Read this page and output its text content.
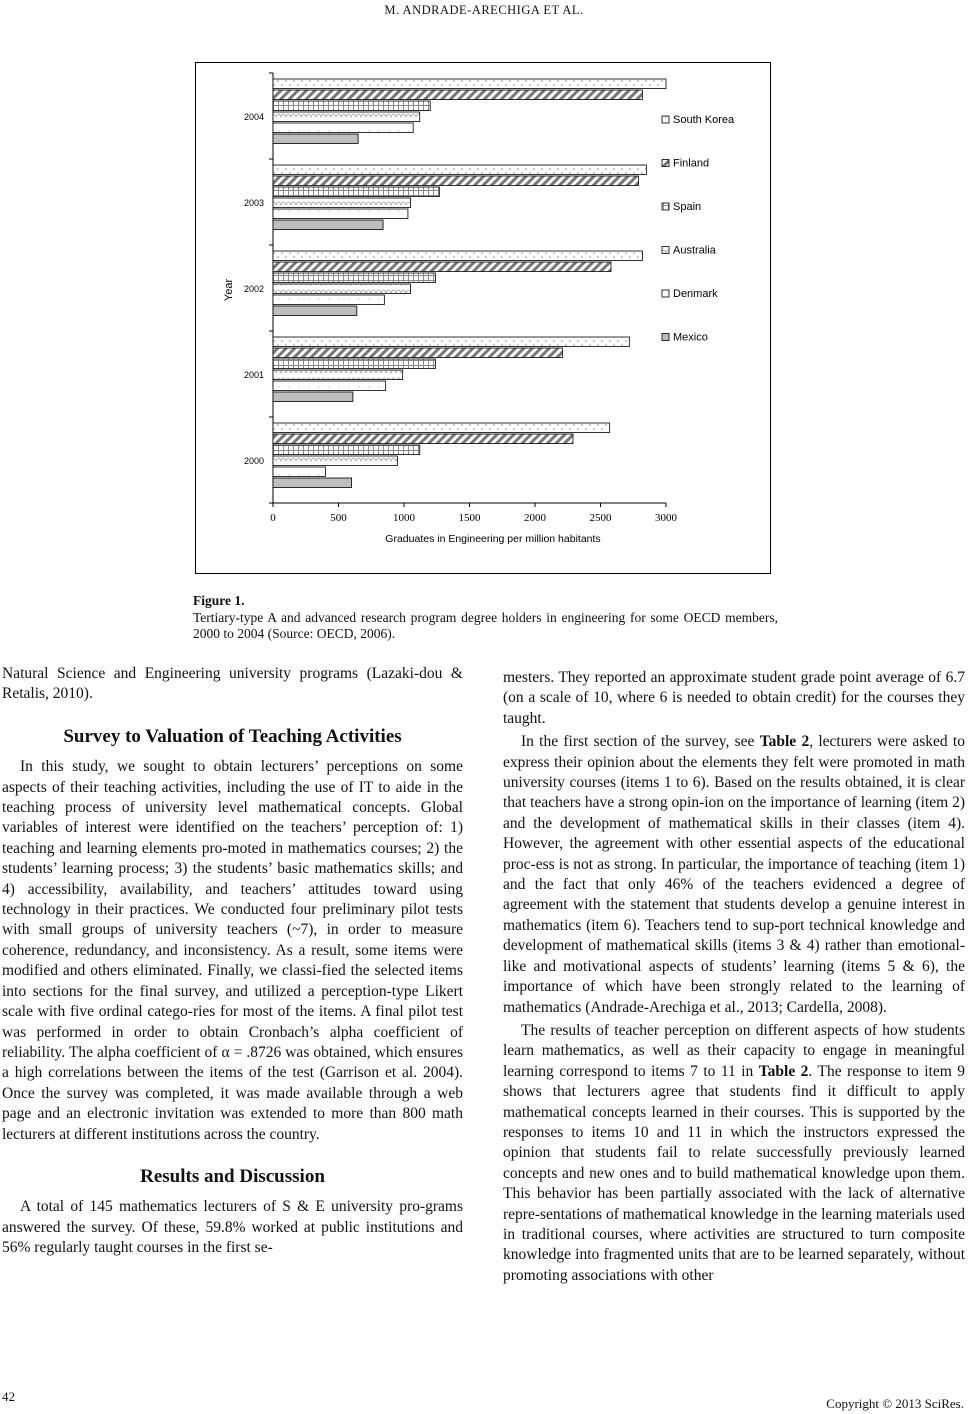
M. ANDRADE-ARECHIGA ET AL.
0	500	1000	1500	2000	2500	3000
2000
2001
2002
2003
2004
Mexico
Denmark
Australia
Spain
Finland
South Korea
Year
Graduates in Engineering per million habitants
Figure 1.
Tertiary-type A and advanced research program degree holders in engineering for some OECD members, 2000 to 2004 (Source: OECD, 2006).

Natural Science and Engineering university programs (Lazaki-dou & Retalis, 2010).

Survey to Valuation of Teaching Activities

In this study, we sought to obtain lecturers’ perceptions on some aspects of their teaching activities, including the use of IT to aide in the teaching process of university level mathematical concepts. Global variables of interest were identified on the teachers’ perception of: 1) teaching and learning elements pro-moted in mathematics courses; 2) the students’ learning process; 3) the students’ basic mathematics skills; and 4) accessibility, availability, and teachers’ attitudes toward using technology in their practices. We conducted four preliminary pilot tests with small groups of university teachers (~7), in order to measure coherence, redundancy, and inconsistency. As a result, some items were modified and others eliminated. Finally, we classi-fied the selected items into sections for the final survey, and utilized a perception-type Likert scale with five ordinal catego-ries for most of the items. A final pilot test was performed in order to obtain Cronbach’s alpha coefficient of reliability. The alpha coefficient of α = .8726 was obtained, which ensures a high correlations between the items of the test (Garrison et al. 2004). Once the survey was completed, it was made available through a web page and an electronic invitation was extended to more than 800 math lecturers at different institutions across the country.

Results and Discussion

A total of 145 mathematics lecturers of S & E university pro-grams answered the survey. Of these, 59.8% worked at public institutions and 56% regularly taught courses in the first se-

mesters. They reported an approximate student grade point average of 6.7 (on a scale of 10, where 6 is needed to obtain credit) for the courses they taught.

In the first section of the survey, see Table 2, lecturers were asked to express their opinion about the elements they felt were promoted in math university courses (items 1 to 6). Based on the results obtained, it is clear that teachers have a strong opin-ion on the importance of learning (item 2) and the development of mathematical skills in their classes (item 4). However, the agreement with other essential aspects of the educational proc-ess is not as strong. In particular, the importance of teaching (item 1) and the fact that only 46% of the teachers evidenced a degree of agreement with the statement that students develop a genuine interest in mathematics (item 6). Teachers tend to sup-port technical knowledge and development of mathematical skills (items 3 & 4) rather than emotional-like and motivational aspects of students’ learning (items 5 & 6), the importance of which have been strongly related to the learning of mathematics (Andrade-Arechiga et al., 2013; Cardella, 2008).

The results of teacher perception on different aspects of how students learn mathematics, as well as their capacity to engage in meaningful learning correspond to items 7 to 11 in Table 2. The response to item 9 shows that lecturers agree that students find it difficult to apply mathematical concepts learned in their courses. This is supported by the responses to items 10 and 11 in which the instructors expressed the opinion that students fail to relate successfully previously learned concepts and new ones and to build mathematical knowledge upon them. This behavior has been partially associated with the lack of alternative repre-sentations of mathematical knowledge in the learning materials used in traditional courses, where activities are structured to turn composite knowledge into fragmented units that are to be learned separately, without promoting associations with other

42	Copyright © 2013 SciRes.
